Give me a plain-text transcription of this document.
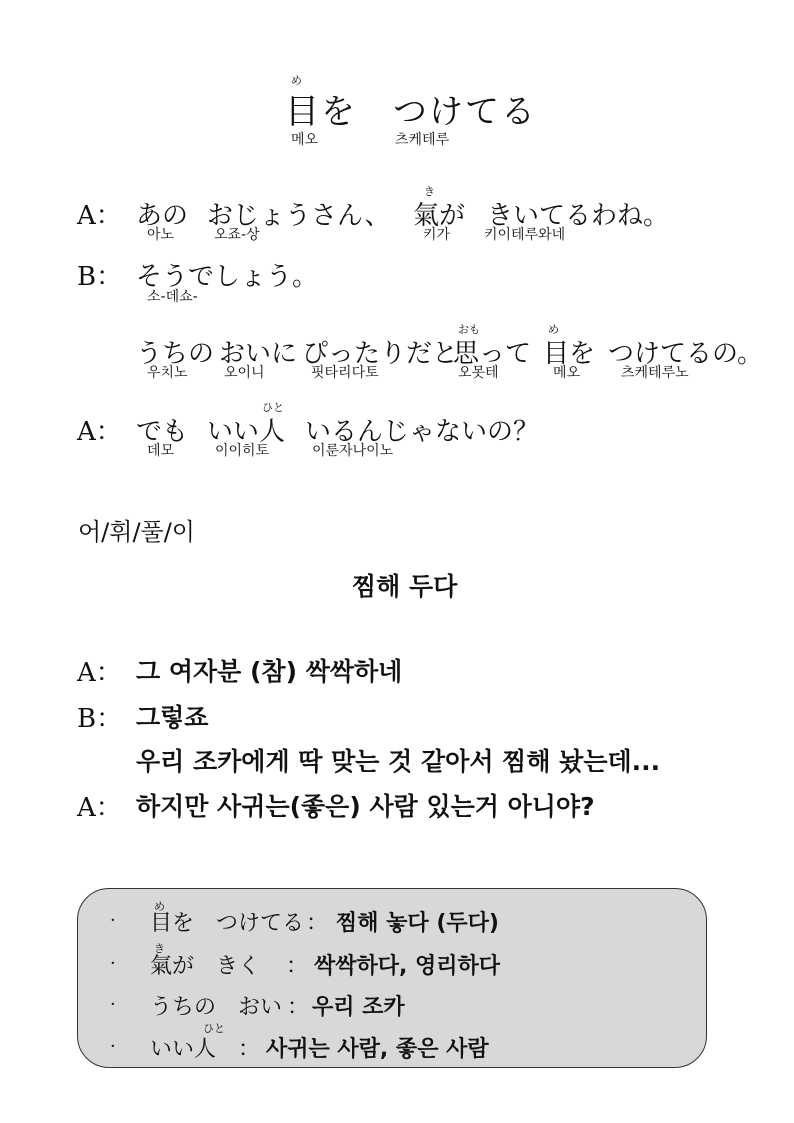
め
目を　つけてる
메오	츠케테루
A：
き
あの おじょうさん、 氣が きいてるわね。
아노	오죠-상	키가 키이테루와네
B： そうでしょう。
소-데쇼-
おも	め
うちの おいに ぴったりだと
思って 目を つけてるの。
우치노	오이니	핏타리다토	오못테	메오	츠케테루노
A：
ひと
でも いい人 いるんじゃないの？
데모	이이히토	이룬자나이노
어/휘/풀/이
찜해 두다
A： 그 여자분 (참) 싹싹하네
B： 그렇죠
우리 조카에게 딱 맞는 것 같아서 찜해 놨는데...
A： 하지만 사귀는(좋은) 사람 있는거 아니야?
·
め
目を　つけてる ： 찜해 놓다 (두다)
·
き
氣が　きく ： 싹싹하다, 영리하다
· うちの　おい ： 우리 조카
·
ひと
いい人 ： 사귀는 사람, 좋은 사람
